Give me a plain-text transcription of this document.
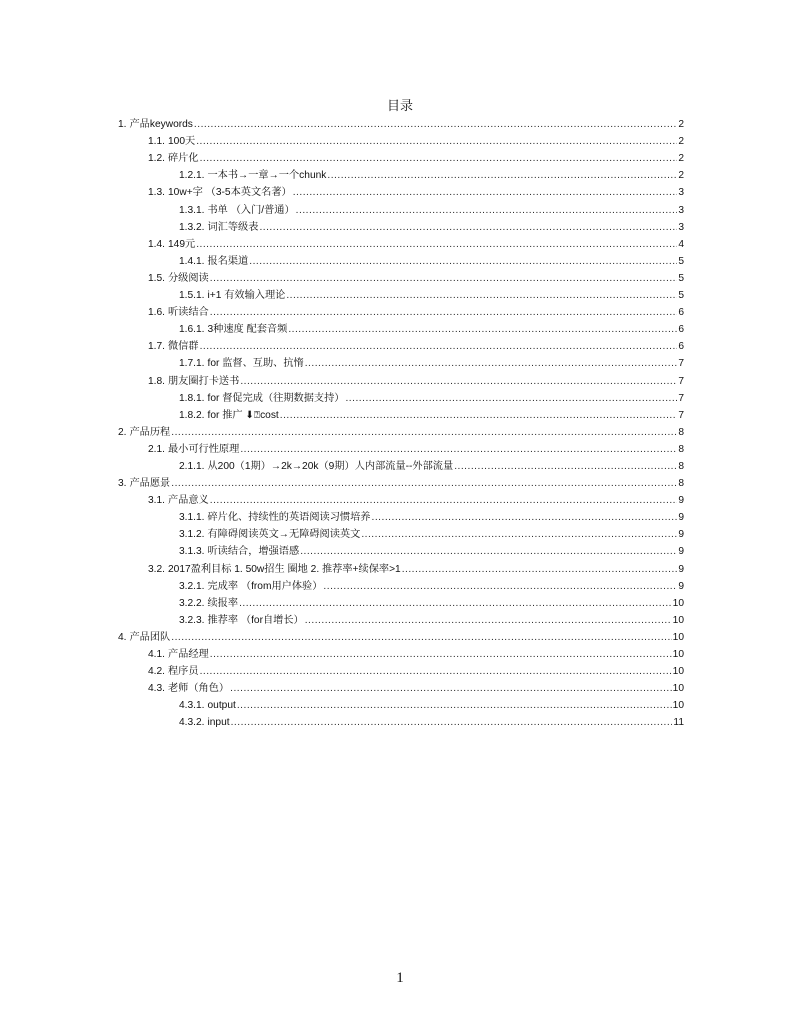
目录
1. 产品keywords .....	2
1.1. 100天 .....	2
1.2. 碎片化 .....	2
1.2.1. 一本书→一章→一个chunk .....	2
1.3. 10w+字 （3-5本英文名著） .....	3
1.3.1. 书单 （入门/普通） .....	3
1.3.2. 词汇等级表 .....	3
1.4. 149元 .....	4
1.4.1. 报名渠道 .....	5
1.5. 分级阅读 .....	5
1.5.1. i+1 有效输入理论 .....	5
1.6. 听读结合 .....	6
1.6.1. 3种速度 配套音频 .....	6
1.7. 微信群 .....	6
1.7.1. for 监督、互助、抗惰 .....	7
1.8. 朋友圈打卡送书 .....	7
1.8.1. for 督促完成（往期数据支持） .....	7
1.8.2. for 推广 ⬇⍰cost .....	7
2. 产品历程 .....	8
2.1. 最小可行性原理 .....	8
2.1.1. 从200（1期）→2k→20k（9期）人内部流量--外部流量 .....	8
3. 产品愿景 .....	8
3.1. 产品意义 .....	9
3.1.1. 碎片化、持续性的英语阅读习惯培养 .....	9
3.1.2. 有障碍阅读英文→无障碍阅读英文 .....	9
3.1.3. 听读结合，增强语感 .....	9
3.2. 2017盈利目标 1. 50w招生 圈地 2. 推荐率+续保率>1 .....	9
3.2.1. 完成率 （from用户体验） .....	9
3.2.2. 续报率 .....	10
3.2.3. 推荐率 （for自增长） .....	10
4. 产品团队 .....	10
4.1. 产品经理 .....	10
4.2. 程序员 .....	10
4.3. 老师（角色） .....	10
4.3.1. output .....	10
4.3.2. input .....	11
1
